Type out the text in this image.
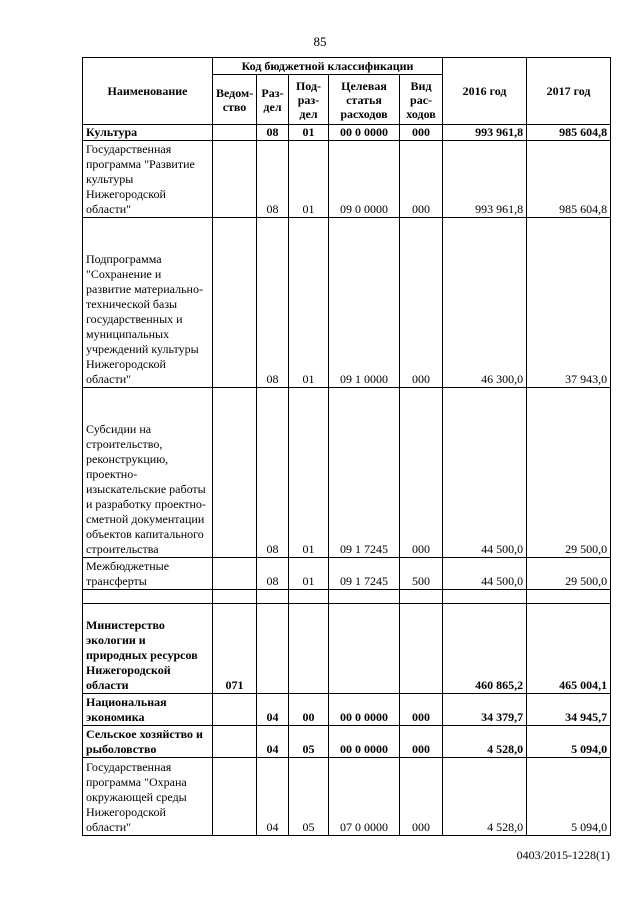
85
Наименование	Код бюджетной классификации					2016 год	2017 год
	Ведом-ство	Раз-дел	Под-раз-дел	Целевая статья расходов	Вид рас-ходов		
Культура		08	01	00 0 0000	000	993 961,8	985 604,8
Государственная программа "Развитие культуры Нижегородской области"		08	01	09 0 0000	000	993 961,8	985 604,8
Подпрограмма "Сохранение и развитие материально-технической базы государственных и муниципальных учреждений культуры Нижегородской области"		08	01	09 1 0000	000	46 300,0	37 943,0
Субсидии на строительство, реконструкцию, проектно-изыскательские работы и разработку проектно-сметной документации объектов капитального строительства		08	01	09 1 7245	000	44 500,0	29 500,0
Межбюджетные трансферты		08	01	09 1 7245	500	44 500,0	29 500,0

Министерство экологии и природных ресурсов Нижегородской области	071					460 865,2	465 004,1
Национальная экономика		04	00	00 0 0000	000	34 379,7	34 945,7
Сельское хозяйство и рыболовство		04	05	00 0 0000	000	4 528,0	5 094,0
Государственная программа "Охрана окружающей среды Нижегородской области"		04	05	07 0 0000	000	4 528,0	5 094,0
0403/2015-1228(1)
